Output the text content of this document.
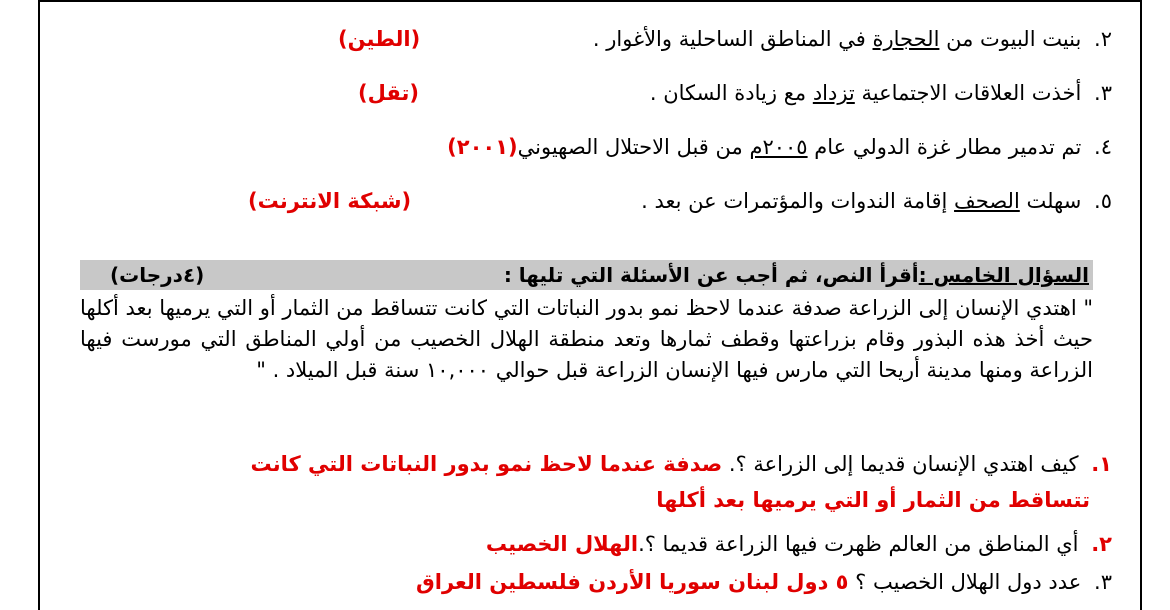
٢. بنيت البيوت من الحجارة في المناطق الساحلية والأغوار .
(الطين)
٣. أخذت العلاقات الاجتماعية تزداد مع زيادة السكان .
(تقل)
٤. تم تدمير مطار غزة الدولي عام ٢٠٠٥م من قبل الاحتلال الصهيوني(٢٠٠١)
٥. سهلت الصحف إقامة الندوات والمؤتمرات عن بعد .
(شبكة الانترنت)
السؤال الخامس :أقرأ النص، ثم أجب عن الأسئلة التي تليها :
(٤درجات)
" اهتدي الإنسان إلى الزراعة صدفة عندما لاحظ نمو بدور النباتات التي كانت تتساقط من الثمار أو التي يرميها بعد أكلها حيث أخذ هذه البذور وقام بزراعتها وقطف ثمارها وتعد منطقة الهلال الخصيب من أولي المناطق التي مورست فيها الزراعة ومنها مدينة أريحا التي مارس فيها الإنسان الزراعة قبل حوالي ١٠,٠٠٠ سنة قبل الميلاد . "
١. كيف اهتدي الإنسان قديما إلى الزراعة ؟. صدفة عندما لاحظ نمو بدور النباتات التي كانت
تتساقط من الثمار أو التي يرميها بعد أكلها
٢. أي المناطق من العالم ظهرت فيها الزراعة قديما ؟.الهلال الخصيب
٣. عدد دول الهلال الخصيب ؟ ٥ دول لبنان سوريا الأردن فلسطين العراق
